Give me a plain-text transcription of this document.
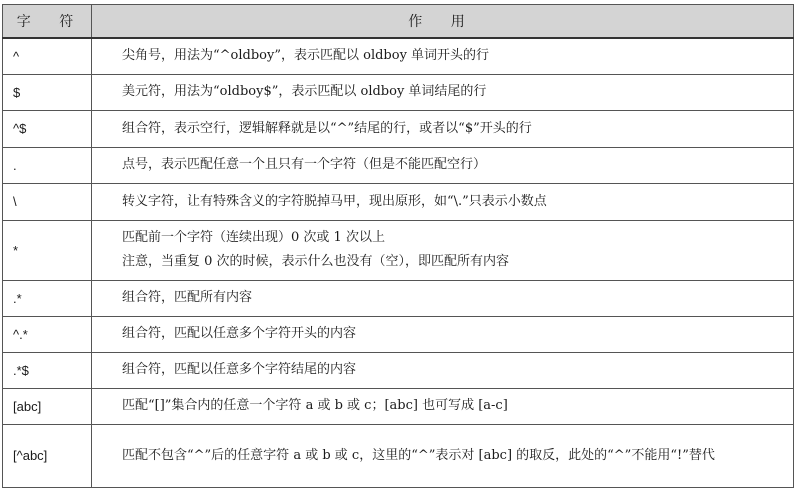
字 符	作 用
^	尖角号，用法为“^oldboy”，表示匹配以 oldboy 单词开头的行

$	美元符，用法为“oldboy$”，表示匹配以 oldboy 单词结尾的行

^$	组合符，表示空行，逻辑解释就是以“^”结尾的行，或者以“$”开头的行

.	点号，表示匹配任意一个且只有一个字符（但是不能匹配空行）

\	转义字符，让有特殊含义的字符脱掉马甲，现出原形，如“\.”只表示小数点

*	匹配前一个字符（连续出现）0 次或 1 次以上
注意，当重复 0 次的时候，表示什么也没有（空），即匹配所有内容

.*	组合符，匹配所有内容

^.*	组合符，匹配以任意多个字符开头的内容

.*$	组合符，匹配以任意多个字符结尾的内容

[abc]	匹配“[]”集合内的任意一个字符 a 或 b 或 c；[abc] 也可写成 [a-c]

[^abc]	匹配不包含“^”后的任意字符 a 或 b 或 c，这里的“^”表示对 [abc] 的取反，此处的“^”不能用“!”替代
